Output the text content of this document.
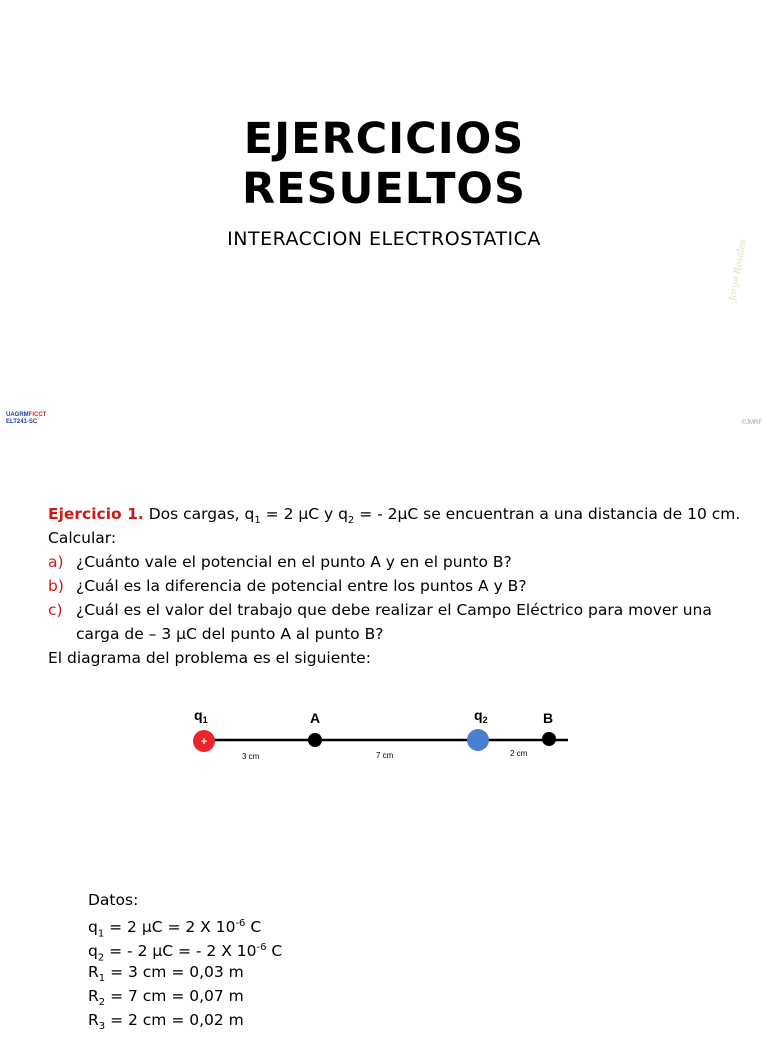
EJERCICIOS
RESUELTOS
INTERACCION ELECTROSTATICA	Jorge Rosales
UAGRMFICCT
ELT241-SC	©JMRF
Ejercicio 1. Dos cargas, $q_1 = 2$ μC y $q_2$ = - 2μC se encuentran a una distancia de 10 cm.
Calcular:
a) ¿Cuánto vale el potencial en el punto A y en el punto B?
b) ¿Cuál es la diferencia de potencial entre los puntos A y B?
c) ¿Cuál es el valor del trabajo que debe realizar el Campo Eléctrico para mover una
carga de – 3 μC del punto A al punto B?
El diagrama del problema es el siguiente:
$q_1$	A	$q_2$	B
+
3 cm	7 cm	2 cm
Datos:
$q_1 = 2$ μC = 2 X $10^{-6}$ C
$q_2$ = - 2 μC = - 2 X $10^{-6}$ C
$R_1 = 3$ cm = 0,03 m
$R_2 = 7$ cm = 0,07 m
$R_3 = 2$ cm = 0,02 m
